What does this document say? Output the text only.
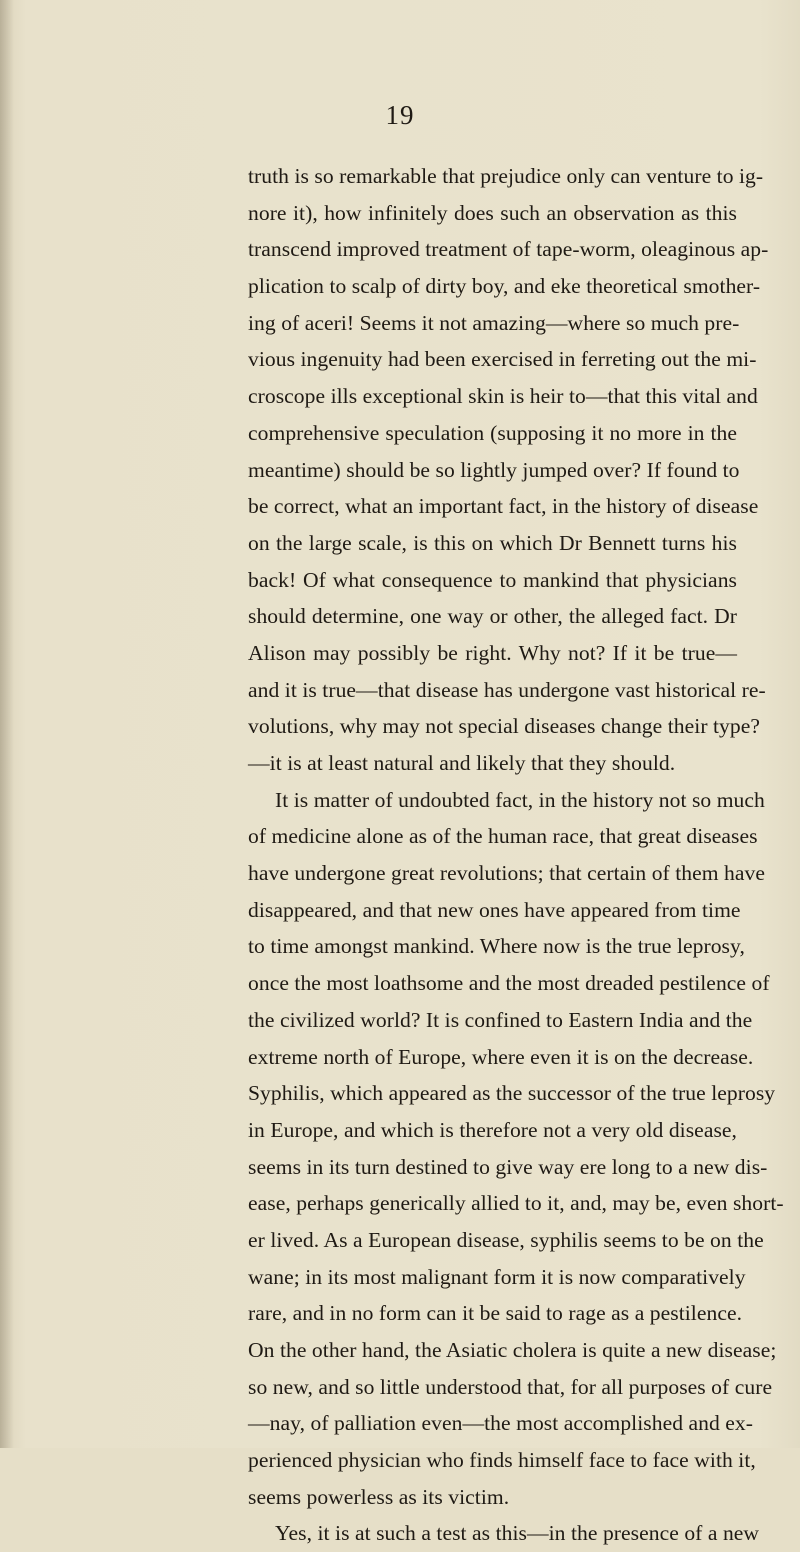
19
truth is so remarkable that prejudice only can venture to ig-
nore it), how infinitely does such an observation as this
transcend improved treatment of tape-worm, oleaginous ap-
plication to scalp of dirty boy, and eke theoretical smother-
ing of aceri! Seems it not amazing—where so much pre-
vious ingenuity had been exercised in ferreting out the mi-
croscope ills exceptional skin is heir to—that this vital and
comprehensive speculation (supposing it no more in the
meantime) should be so lightly jumped over? If found to
be correct, what an important fact, in the history of disease
on the large scale, is this on which Dr Bennett turns his
back! Of what consequence to mankind that physicians
should determine, one way or other, the alleged fact. Dr
Alison may possibly be right. Why not? If it be true—
and it is true—that disease has undergone vast historical re-
volutions, why may not special diseases change their type?
—it is at least natural and likely that they should.
It is matter of undoubted fact, in the history not so much
of medicine alone as of the human race, that great diseases
have undergone great revolutions; that certain of them have
disappeared, and that new ones have appeared from time
to time amongst mankind. Where now is the true leprosy,
once the most loathsome and the most dreaded pestilence of
the civilized world? It is confined to Eastern India and the
extreme north of Europe, where even it is on the decrease.
Syphilis, which appeared as the successor of the true leprosy
in Europe, and which is therefore not a very old disease,
seems in its turn destined to give way ere long to a new dis-
ease, perhaps generically allied to it, and, may be, even short-
er lived. As a European disease, syphilis seems to be on the
wane; in its most malignant form it is now comparatively
rare, and in no form can it be said to rage as a pestilence.
On the other hand, the Asiatic cholera is quite a new disease;
so new, and so little understood that, for all purposes of cure
—nay, of palliation even—the most accomplished and ex-
perienced physician who finds himself face to face with it,
seems powerless as its victim.
Yes, it is at such a test as this—in the presence of a new
